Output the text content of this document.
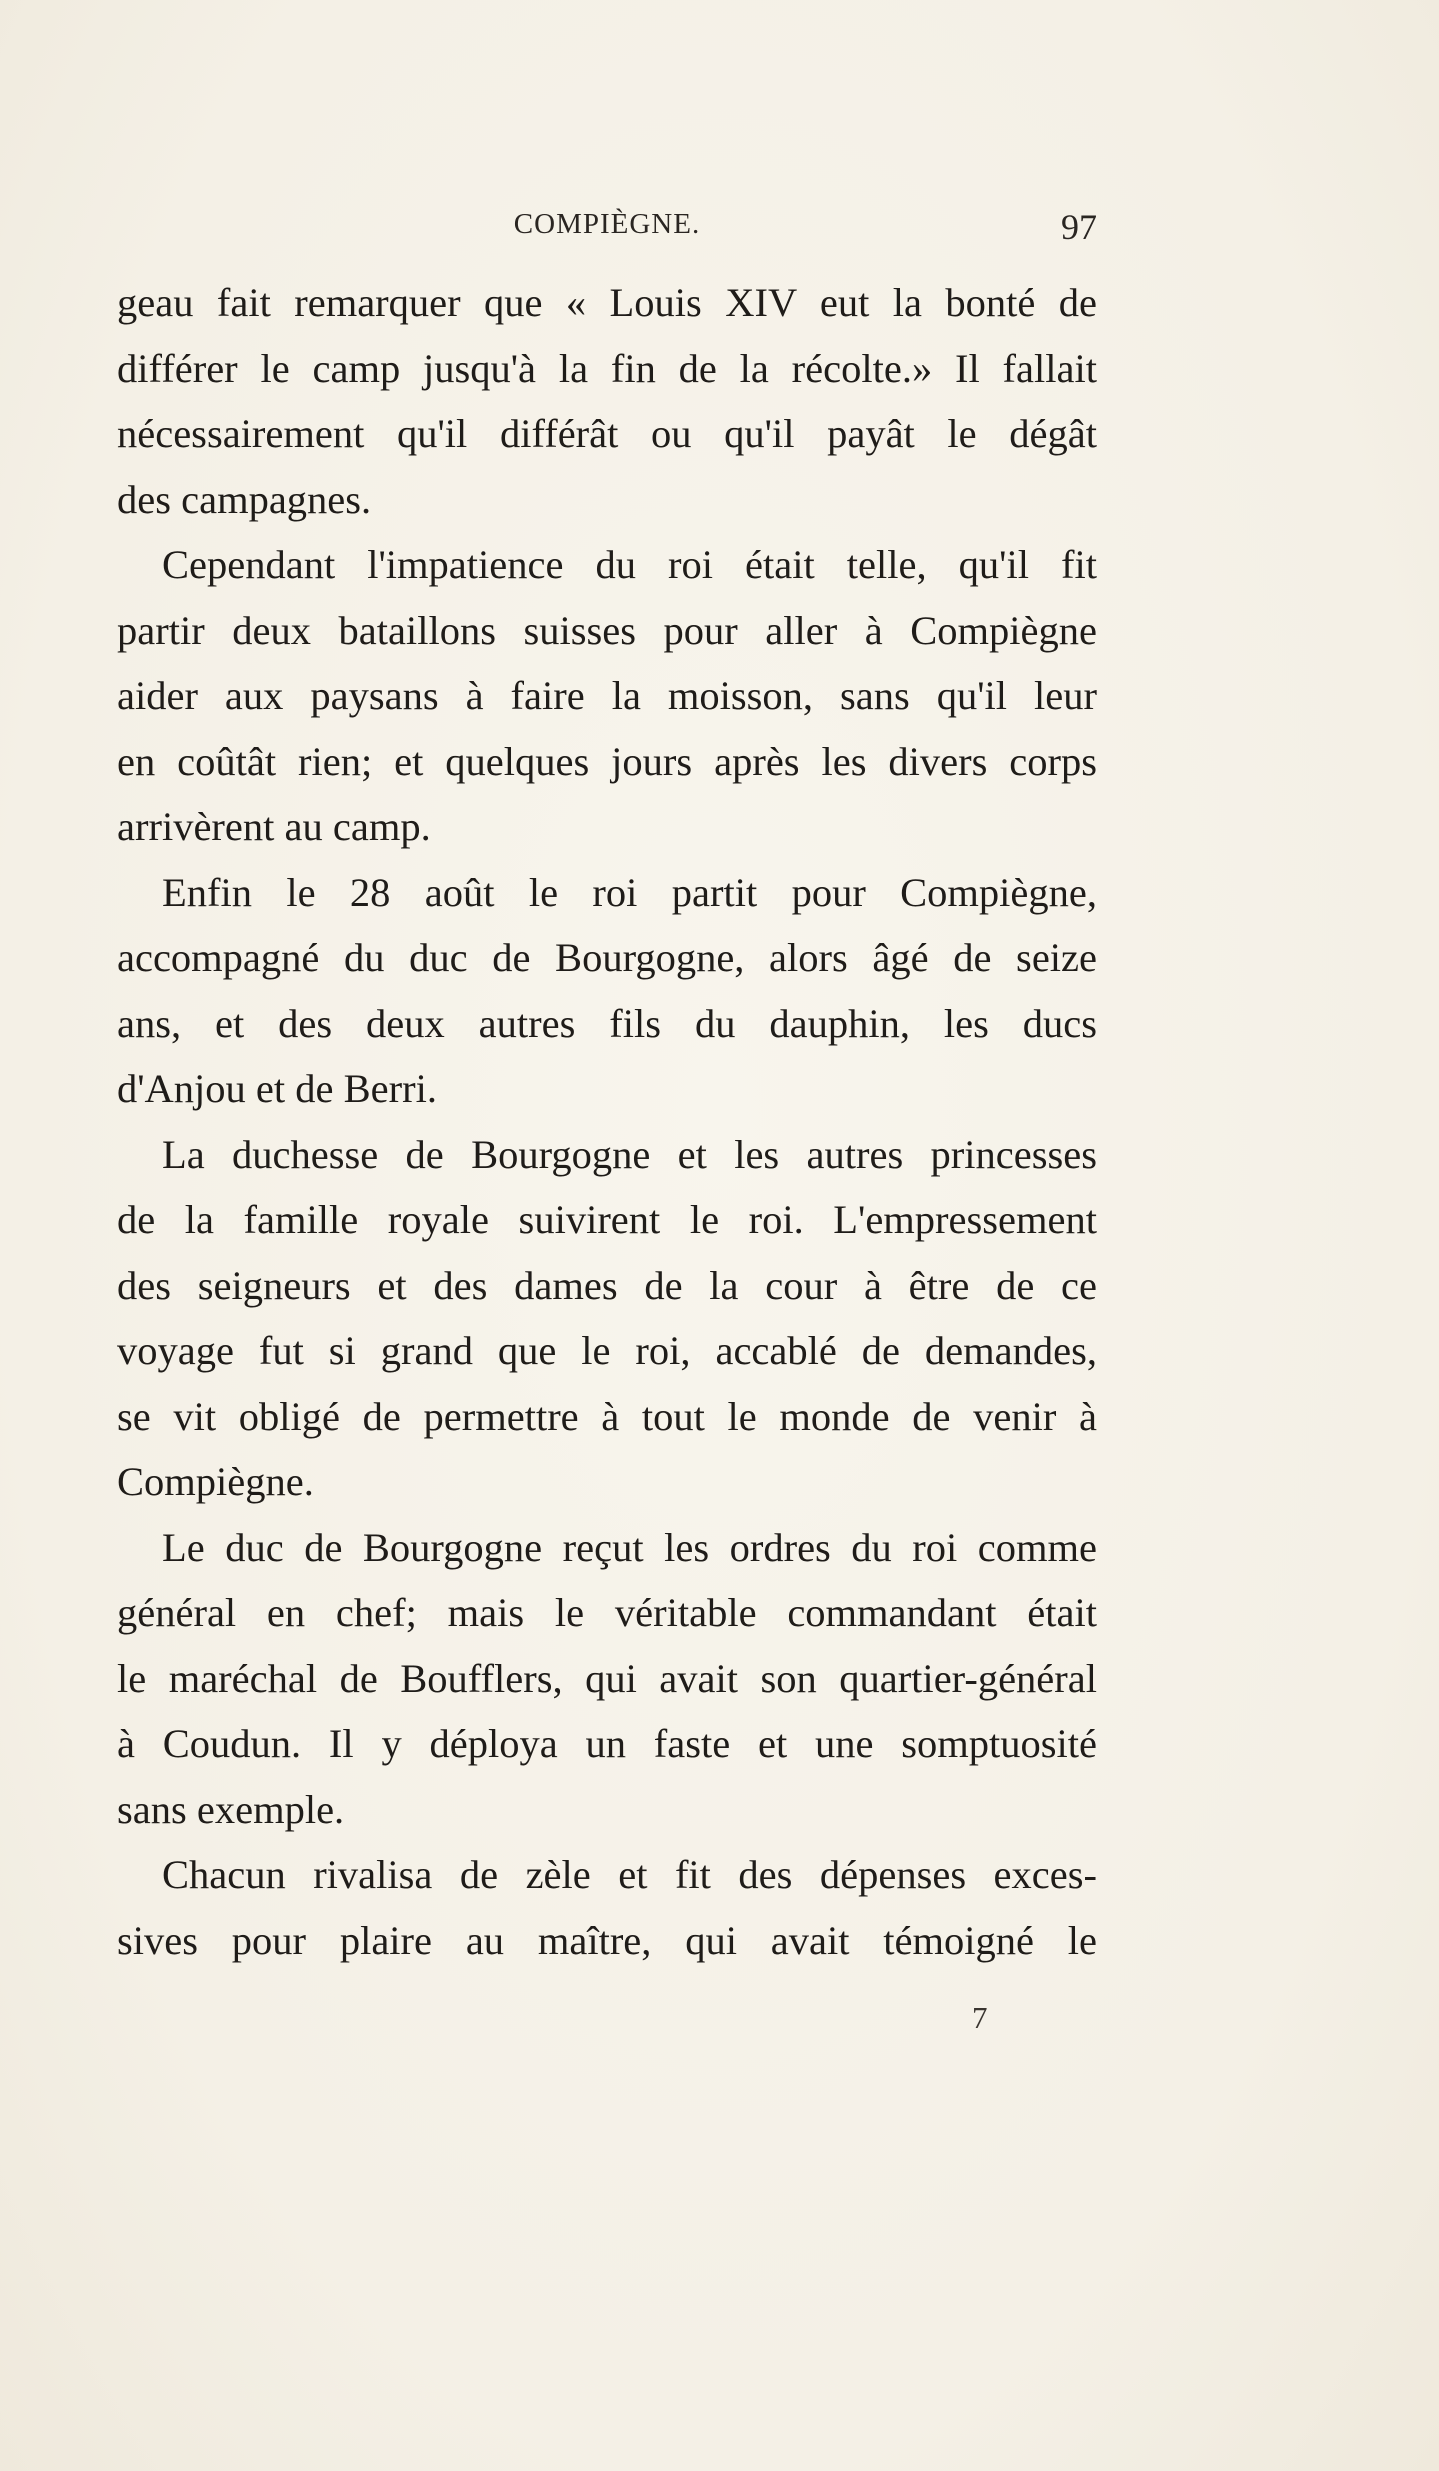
COMPIÈGNE.	97
geau fait remarquer que « Louis XIV eut la bonté de
différer le camp jusqu'à la fin de la récolte.» Il fallait
nécessairement qu'il différât ou qu'il payât le dégât
des campagnes.
Cependant l'impatience du roi était telle, qu'il fit
partir deux bataillons suisses pour aller à Compiègne
aider aux paysans à faire la moisson, sans qu'il leur
en coûtât rien; et quelques jours après les divers corps
arrivèrent au camp.
Enfin le 28 août le roi partit pour Compiègne,
accompagné du duc de Bourgogne, alors âgé de seize
ans, et des deux autres fils du dauphin, les ducs
d'Anjou et de Berri.
La duchesse de Bourgogne et les autres princesses
de la famille royale suivirent le roi. L'empressement
des seigneurs et des dames de la cour à être de ce
voyage fut si grand que le roi, accablé de demandes,
se vit obligé de permettre à tout le monde de venir à
Compiègne.
Le duc de Bourgogne reçut les ordres du roi comme
général en chef; mais le véritable commandant était
le maréchal de Boufflers, qui avait son quartier-général
à Coudun. Il y déploya un faste et une somptuosité
sans exemple.
Chacun rivalisa de zèle et fit des dépenses exces-
sives pour plaire au maître, qui avait témoigné le
7
